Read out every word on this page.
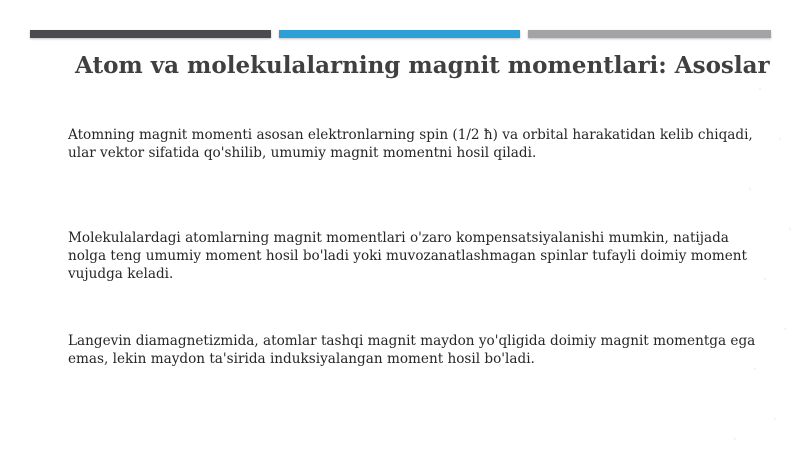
Atom va molekulalarning magnit momentlari: Asoslar

Atomning magnit momenti asosan elektronlarning spin (1/2 ħ) va orbital harakatidan kelib chiqadi, ular vektor sifatida qo'shilib, umumiy magnit momentni hosil qiladi.

Molekulalardagi atomlarning magnit momentlari o'zaro kompensatsiyalanishi mumkin, natijada nolga teng umumiy moment hosil bo'ladi yoki muvozanatlashmagan spinlar tufayli doimiy moment vujudga keladi.

Langevin diamagnetizmida, atomlar tashqi magnit maydon yo'qligida doimiy magnit momentga ega emas, lekin maydon ta'sirida induksiyalangan moment hosil bo'ladi.
